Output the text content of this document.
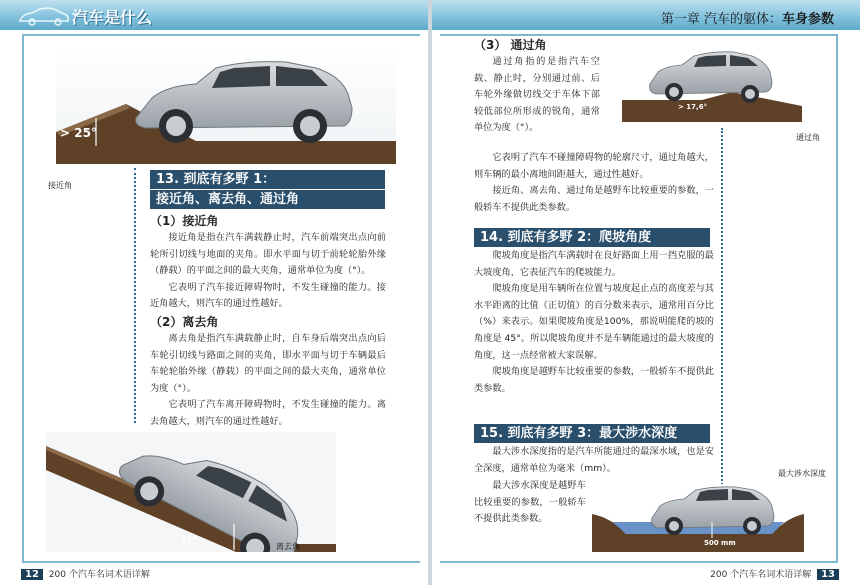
汽车是什么
> 25°
接近角	13. 到底有多野 1：
接近角、离去角、通过角
（1）接近角

接近角是指在汽车满载静止时，汽车前端突出点向前轮所引切线与地面的夹角。即水平面与切于前轮轮胎外缘（静载）的平面之间的最大夹角，通常单位为度（°）。

它表明了汽车接近障碍物时，不发生碰撞的能力。接近角越大，则汽车的通过性越好。

（2）离去角

离去角是指汽车满载静止时，自车身后端突出点向后车轮引切线与路面之间的夹角，即水平面与切于车辆最后车轮轮胎外缘（静载）的平面之间的最大夹角，通常单位为度（°）。

它表明了汽车离开障碍物时，不发生碰撞的能力。离去角越大，则汽车的通过性越好。

31°
离去角
12 200 个汽车名词术语详解
第一章 汽车的躯体：车身参数
（3） 通过角

通过角指的是指汽车空载、静止时，分别通过前、后车轮外缘做切线交于车体下部较低部位所形成的锐角，通常单位为度（°）。

> 17,6°
通过角

它表明了汽车不碰撞障碍物的轮廓尺寸，通过角越大，则车辆的最小离地间距越大，通过性越好。

接近角、离去角、通过角是越野车比较重要的参数，一般轿车不提供此类参数。

14. 到底有多野 2：爬坡角度

爬坡角度是指汽车满载时在良好路面上用一挡克服的最大坡度角，它表征汽车的爬坡能力。

爬坡角度是用车辆所在位置与坡度起止点的高度差与其水平距离的比值（正切值）的百分数来表示，通常用百分比（%）来表示。如果爬坡角度是100%，那说明能爬的坡的角度是 45°。所以爬坡角度并不是车辆能通过的最大坡度的角度，这一点经常被大家误解。

爬坡角度是越野车比较重要的参数，一般轿车不提供此类参数。

15. 到底有多野 3：最大涉水深度

最大涉水深度指的是汽车所能通过的最深水域，也是安全深度，通常单位为毫米（mm）。

最大涉水深度是越野车比较重要的参数，一般轿车不提供此类参数。

最大涉水深度
500 mm
200 个汽车名词术语详解 13
